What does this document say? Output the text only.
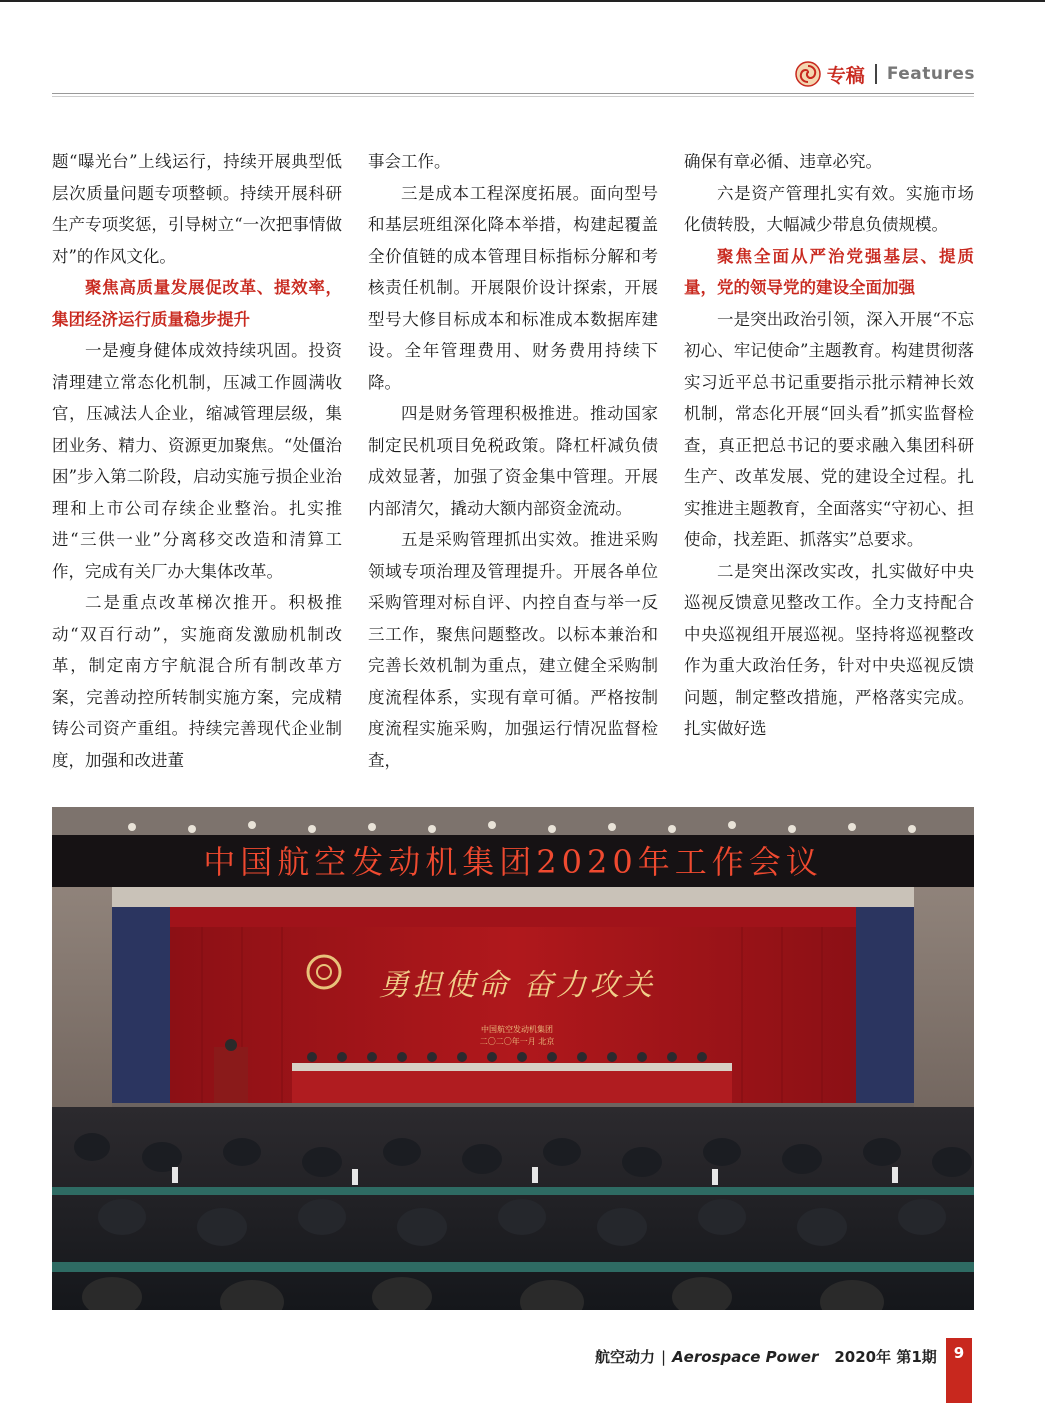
专稿 Features

题“曝光台”上线运行，持续开展典型低层次质量问题专项整顿。持续开展科研生产专项奖惩，引导树立“一次把事情做对”的作风文化。

聚焦高质量发展促改革、提效率，集团经济运行质量稳步提升

一是瘦身健体成效持续巩固。投资清理建立常态化机制，压减工作圆满收官，压减法人企业，缩减管理层级，集团业务、精力、资源更加聚焦。“处僵治困”步入第二阶段，启动实施亏损企业治理和上市公司存续企业整治。扎实推进“三供一业”分离移交改造和清算工作，完成有关厂办大集体改革。

二是重点改革梯次推开。积极推动“双百行动”，实施商发激励机制改革，制定南方宇航混合所有制改革方案，完善动控所转制实施方案，完成精铸公司资产重组。持续完善现代企业制度，加强和改进董

事会工作。

三是成本工程深度拓展。面向型号和基层班组深化降本举措，构建起覆盖全价值链的成本管理目标指标分解和考核责任机制。开展限价设计探索，开展型号大修目标成本和标准成本数据库建设。全年管理费用、财务费用持续下降。

四是财务管理积极推进。推动国家制定民机项目免税政策。降杠杆减负债成效显著，加强了资金集中管理。开展内部清欠，撬动大额内部资金流动。

五是采购管理抓出实效。推进采购领域专项治理及管理提升。开展各单位采购管理对标自评、内控自查与举一反三工作，聚焦问题整改。以标本兼治和完善长效机制为重点，建立健全采购制度流程体系，实现有章可循。严格按制度流程实施采购，加强运行情况监督检查，

确保有章必循、违章必究。

六是资产管理扎实有效。实施市场化债转股，大幅减少带息负债规模。

聚焦全面从严治党强基层、提质量，党的领导党的建设全面加强

一是突出政治引领，深入开展“不忘初心、牢记使命”主题教育。构建贯彻落实习近平总书记重要指示批示精神长效机制，常态化开展“回头看”抓实监督检查，真正把总书记的要求融入集团科研生产、改革发展、党的建设全过程。扎实推进主题教育，全面落实“守初心、担使命，找差距、抓落实”总要求。

二是突出深改实改，扎实做好中央巡视反馈意见整改工作。全力支持配合中央巡视组开展巡视。坚持将巡视整改作为重大政治任务，针对中央巡视反馈问题，制定整改措施，严格落实完成。扎实做好选

中国航空发动机集团2020年工作会议
勇担使命 奋力攻关
中国航空发动机集团
二〇二〇年一月 北京
航空动力 | Aerospace Power 2020年 第1期	9
